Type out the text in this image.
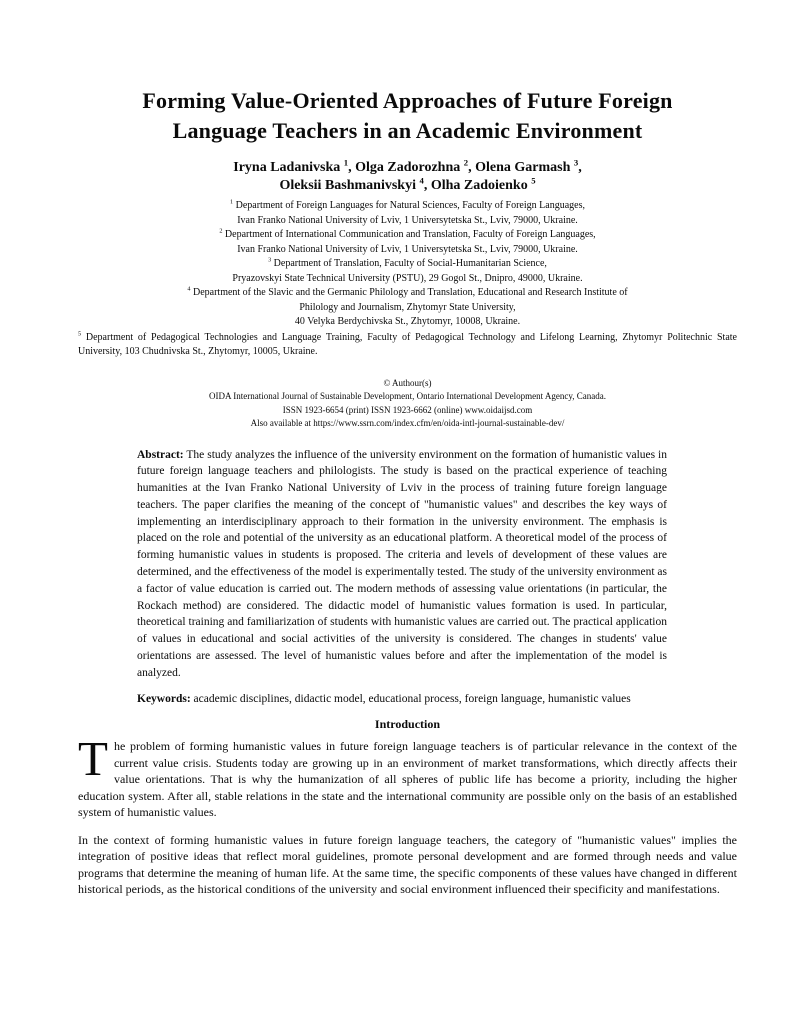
Forming Value-Oriented Approaches of Future Foreign
Language Teachers in an Academic Environment
Iryna Ladanivska $^1$, Olga Zadorozhna $^2$, Olena Garmash $^3$,
Oleksii Bashmanivskyi $^4$, Olha Zadoienko $^5$
$^1$ Department of Foreign Languages for Natural Sciences, Faculty of Foreign Languages,
Ivan Franko National University of Lviv, 1 Universytetska St., Lviv, 79000, Ukraine.
$^2$ Department of International Communication and Translation, Faculty of Foreign Languages,
Ivan Franko National University of Lviv, 1 Universytetska St., Lviv, 79000, Ukraine.
$^3$ Department of Translation, Faculty of Social-Humanitarian Science,
Pryazovskyi State Technical University (PSTU), 29 Gogol St., Dnipro, 49000, Ukraine.
$^4$ Department of the Slavic and the Germanic Philology and Translation, Educational and Research Institute of
Philology and Journalism, Zhytomyr State University,
40 Velyka Berdychivska St., Zhytomyr, 10008, Ukraine.
$^5$ Department of Pedagogical Technologies and Language Training, Faculty of Pedagogical Technology and Lifelong Learning, Zhytomyr Politechnic State University, 103 Chudnivska St., Zhytomyr, 10005, Ukraine.
© Authour(s)
OIDA International Journal of Sustainable Development, Ontario International Development Agency, Canada.
ISSN 1923-6654 (print) ISSN 1923-6662 (online) www.oidaijsd.com
Also available at https://www.ssrn.com/index.cfm/en/oida-intl-journal-sustainable-dev/

Abstract: The study analyzes the influence of the university environment on the formation of humanistic values in future foreign language teachers and philologists. The study is based on the practical experience of teaching humanities at the Ivan Franko National University of Lviv in the process of training future foreign language teachers. The paper clarifies the meaning of the concept of "humanistic values" and describes the key ways of implementing an interdisciplinary approach to their formation in the university environment. The emphasis is placed on the role and potential of the university as an educational platform. A theoretical model of the process of forming humanistic values in students is proposed. The criteria and levels of development of these values are determined, and the effectiveness of the model is experimentally tested. The study of the university environment as a factor of value education is carried out. The modern methods of assessing value orientations (in particular, the Rockach method) are considered. The didactic model of humanistic values formation is used. In particular, theoretical training and familiarization of students with humanistic values are carried out. The practical application of values in educational and social activities of the university is considered. The changes in students' value orientations are assessed. The level of humanistic values before and after the implementation of the model is analyzed.

Keywords: academic disciplines, didactic model, educational process, foreign language, humanistic values

Introduction

The problem of forming humanistic values in future foreign language teachers is of particular relevance in the context of the current value crisis. Students today are growing up in an environment of market transformations, which directly affects their value orientations. That is why the humanization of all spheres of public life has become a priority, including the higher education system. After all, stable relations in the state and the international community are possible only on the basis of an established system of humanistic values.

In the context of forming humanistic values in future foreign language teachers, the category of "humanistic values" implies the integration of positive ideas that reflect moral guidelines, promote personal development and are formed through needs and value programs that determine the meaning of human life. At the same time, the specific components of these values have changed in different historical periods, as the historical conditions of the university and social environment influenced their specificity and manifestations.
